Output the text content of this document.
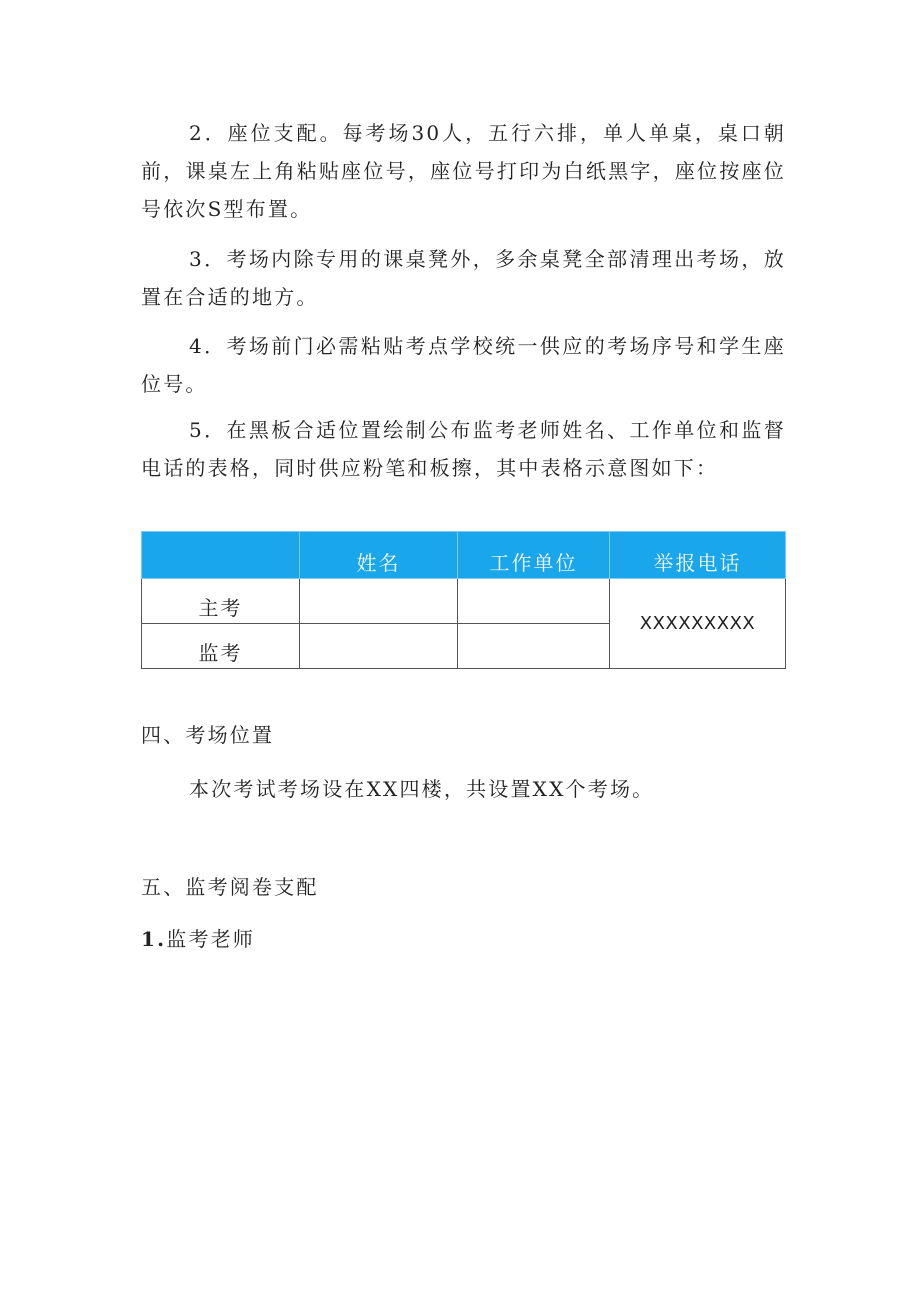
2．座位支配。每考场30人，五行六排，单人单桌，桌口朝前，课桌左上角粘贴座位号，座位号打印为白纸黑字，座位按座位号依次S型布置。

3．考场内除专用的课桌凳外，多余桌凳全部清理出考场，放置在合适的地方。

4．考场前门必需粘贴考点学校统一供应的考场序号和学生座位号。

5．在黑板合适位置绘制公布监考老师姓名、工作单位和监督电话的表格，同时供应粉笔和板擦，其中表格示意图如下：

	姓名	工作单位	举报电话
主考			XXXXXXXXX
监考			

四、考场位置

本次考试考场设在XX四楼，共设置XX个考场。

五、监考阅卷支配

1.监考老师
